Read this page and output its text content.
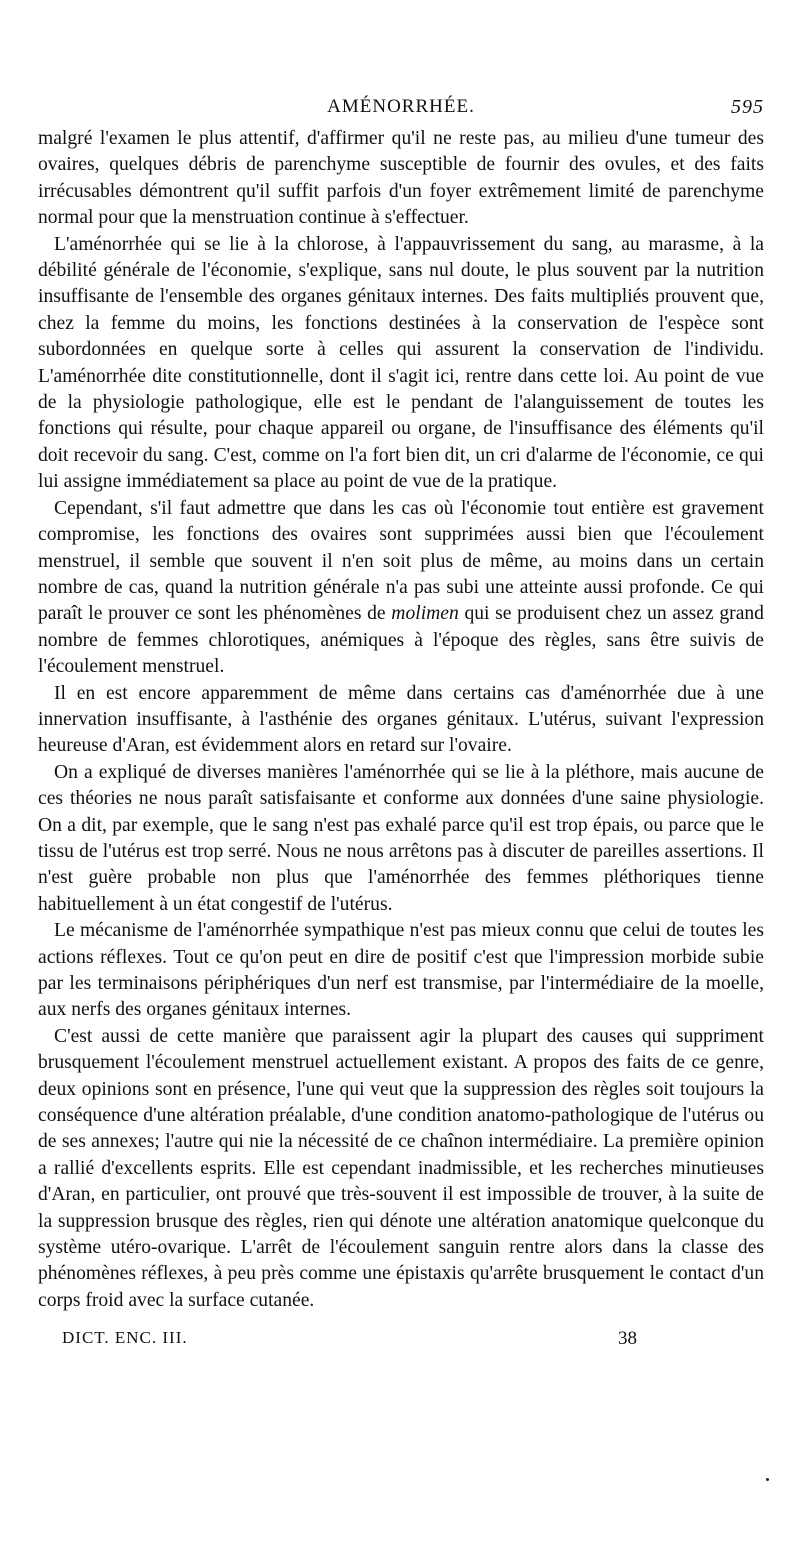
AMÉNORRHÉE.	595

malgré l'examen le plus attentif, d'affirmer qu'il ne reste pas, au milieu d'une tumeur des ovaires, quelques débris de parenchyme susceptible de fournir des ovules, et des faits irrécusables démontrent qu'il suffit parfois d'un foyer extrêmement limité de parenchyme normal pour que la menstruation continue à s'effectuer.

L'aménorrhée qui se lie à la chlorose, à l'appauvrissement du sang, au marasme, à la débilité générale de l'économie, s'explique, sans nul doute, le plus souvent par la nutrition insuffisante de l'ensemble des organes génitaux internes. Des faits multipliés prouvent que, chez la femme du moins, les fonctions destinées à la conservation de l'espèce sont subordonnées en quelque sorte à celles qui assurent la conservation de l'individu. L'aménorrhée dite constitutionnelle, dont il s'agit ici, rentre dans cette loi. Au point de vue de la physiologie pathologique, elle est le pendant de l'alanguissement de toutes les fonctions qui résulte, pour chaque appareil ou organe, de l'insuffisance des éléments qu'il doit recevoir du sang. C'est, comme on l'a fort bien dit, un cri d'alarme de l'économie, ce qui lui assigne immédiatement sa place au point de vue de la pratique.

Cependant, s'il faut admettre que dans les cas où l'économie tout entière est gravement compromise, les fonctions des ovaires sont supprimées aussi bien que l'écoulement menstruel, il semble que souvent il n'en soit plus de même, au moins dans un certain nombre de cas, quand la nutrition générale n'a pas subi une atteinte aussi profonde. Ce qui paraît le prouver ce sont les phénomènes de molimen qui se produisent chez un assez grand nombre de femmes chlorotiques, anémiques à l'époque des règles, sans être suivis de l'écoulement menstruel.

Il en est encore apparemment de même dans certains cas d'aménorrhée due à une innervation insuffisante, à l'asthénie des organes génitaux. L'utérus, suivant l'expression heureuse d'Aran, est évidemment alors en retard sur l'ovaire.

On a expliqué de diverses manières l'aménorrhée qui se lie à la pléthore, mais aucune de ces théories ne nous paraît satisfaisante et conforme aux données d'une saine physiologie. On a dit, par exemple, que le sang n'est pas exhalé parce qu'il est trop épais, ou parce que le tissu de l'utérus est trop serré. Nous ne nous arrêtons pas à discuter de pareilles assertions. Il n'est guère probable non plus que l'aménorrhée des femmes pléthoriques tienne habituellement à un état congestif de l'utérus.

Le mécanisme de l'aménorrhée sympathique n'est pas mieux connu que celui de toutes les actions réflexes. Tout ce qu'on peut en dire de positif c'est que l'impression morbide subie par les terminaisons périphériques d'un nerf est transmise, par l'intermédiaire de la moelle, aux nerfs des organes génitaux internes.

C'est aussi de cette manière que paraissent agir la plupart des causes qui suppriment brusquement l'écoulement menstruel actuellement existant. A propos des faits de ce genre, deux opinions sont en présence, l'une qui veut que la suppression des règles soit toujours la conséquence d'une altération préalable, d'une condition anatomo-pathologique de l'utérus ou de ses annexes; l'autre qui nie la nécessité de ce chaînon intermédiaire. La première opinion a rallié d'excellents esprits. Elle est cependant inadmissible, et les recherches minutieuses d'Aran, en particulier, ont prouvé que très-souvent il est impossible de trouver, à la suite de la suppression brusque des règles, rien qui dénote une altération anatomique quelconque du système utéro-ovarique. L'arrêt de l'écoulement sanguin rentre alors dans la classe des phénomènes réflexes, à peu près comme une épistaxis qu'arrête brusquement le contact d'un corps froid avec la surface cutanée.

DICT. ENC. III.	38
